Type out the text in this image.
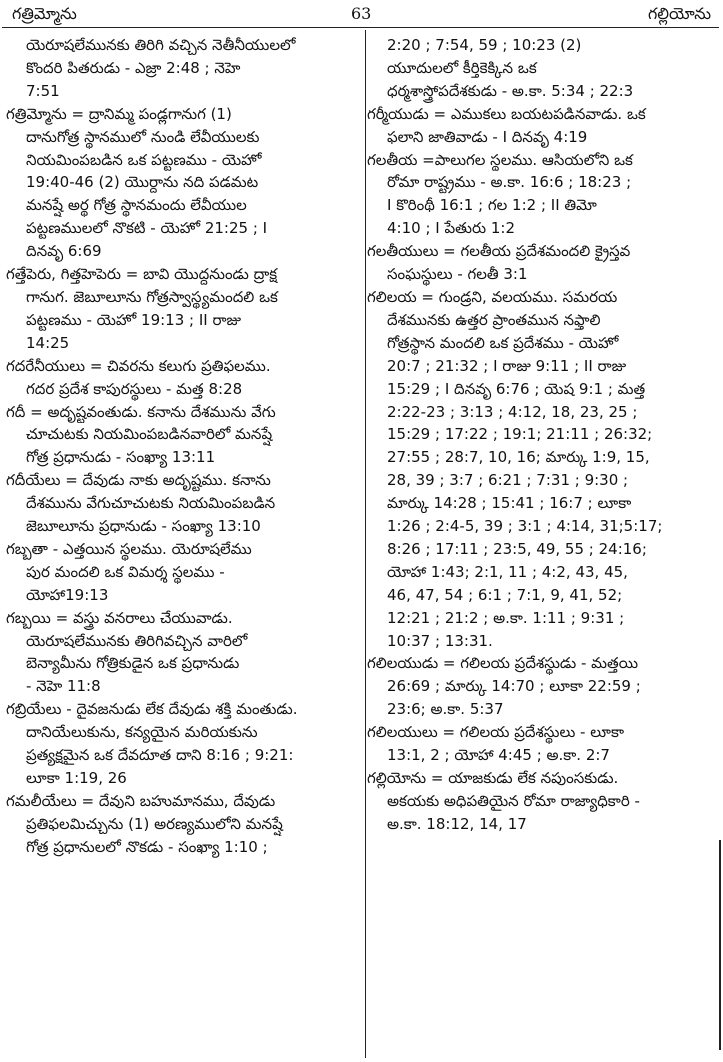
గత్రిమ్మోను	63	గల్లియోను
యెరూషలేమునకు తిరిగి వచ్చిన నెతీనీయులలో
కొందరి పితరుడు - ఎజ్రా 2:48 ; నెహె
7:51
గత్రిమ్మోను = ద్రానిమ్మ పండ్లగానుగ (1)
దానుగోత్ర స్థానములో నుండి లేవీయులకు
నియమింపబడిన ఒక పట్టణము - యెహో
19:40-46 (2) యొర్దాను నది పడమట
మనష్షే అర్థ గోత్ర స్థానమందు లేవీయుల
పట్టణములలో నొకటి - యెహో 21:25 ; I
దినవృ 6:69
గత్తేపెరు, గిత్తహెపెరు = బావి యొద్దనుండు ద్రాక్ష
గానుగ. జెబూలూను గోత్రస్వాస్థ్యమందలి ఒక
పట్టణము - యెహో 19:13 ; II రాజు
14:25
గదరేనీయులు = చివరను కలుగు ప్రతిఫలము.
గదర ప్రదేశ కాపురస్థులు - మత్త 8:28
గదీ = అదృష్టవంతుడు. కనాను దేశమును వేగు
చూచుటకు నియమింపబడినవారిలో మనష్షే
గోత్ర ప్రధానుడు - సంఖ్యా 13:11
గదీయేలు = దేవుడు నాకు అదృష్టము. కనాను
దేశమును వేగుచూచుటకు నియమింపబడిన
జెబూలూను ప్రధానుడు - సంఖ్యా 13:10
గబ్బతా - ఎత్తయిన స్థలము. యెరూషలేము
పుర మందలి ఒక విమర్శ స్థలము -
యోహా19:13
గబ్బయి = వస్త్రు వనరాలు చేయువాడు.
యెరూషలేమునకు తిరిగివచ్చిన వారిలో
బెన్యామీను గోత్రికుడైన ఒక ప్రధానుడు
- నెహె 11:8
గబ్రియేలు - దైవజనుడు లేక దేవుడు శక్తి మంతుడు.
దానియేలుకును, కన్యయైన మరియకును
ప్రత్యక్షమైన ఒక దేవదూత దాని 8:16 ; 9:21:
లూకా 1:19, 26
గమలీయేలు = దేవుని బహుమానము, దేవుడు
ప్రతిఫలమిచ్చును (1) అరణ్యములోని మనష్షే
గోత్ర ప్రధానులలో నొకడు - సంఖ్యా 1:10 ;
2:20 ; 7:54, 59 ; 10:23 (2)
యూదులలో కీర్తికెక్కిన ఒక
ధర్మశాస్త్రోపదేశకుడు - అ.కా. 5:34 ; 22:3
గర్మీయుడు = ఎముకలు బయటపడినవాడు. ఒక
ఫలాని జాతివాడు - I దినవృ 4:19
గలతీయ =పాలుగల స్థలము. ఆసియలోని ఒక
రోమా రాష్ట్రము - అ.కా. 16:6 ; 18:23 ;
I కొరింథీ 16:1 ; గల 1:2 ; II తిమో
4:10 ; I పేతురు 1:2
గలతీయులు = గలతీయ ప్రదేశమందలి క్రైస్తవ
సంఘస్థులు - గలతీ 3:1
గలిలయ = గుండ్రని, వలయము. సమరయ
దేశమునకు ఉత్తర ప్రాంతమున నఫ్తాలి
గోత్రస్థాన మందలి ఒక ప్రదేశము - యెహో
20:7 ; 21:32 ; I రాజు 9:11 ; II రాజు
15:29 ; I దినవృ 6:76 ; యెష 9:1 ; మత్త
2:22-23 ; 3:13 ; 4:12, 18, 23, 25 ;
15:29 ; 17:22 ; 19:1; 21:11 ; 26:32;
27:55 ; 28:7, 10, 16; మార్కు 1:9, 15,
28, 39 ; 3:7 ; 6:21 ; 7:31 ; 9:30 ;
మార్కు 14:28 ; 15:41 ; 16:7 ; లూకా
1:26 ; 2:4-5, 39 ; 3:1 ; 4:14, 31;5:17;
8:26 ; 17:11 ; 23:5, 49, 55 ; 24:16;
యోహా 1:43; 2:1, 11 ; 4:2, 43, 45,
46, 47, 54 ; 6:1 ; 7:1, 9, 41, 52;
12:21 ; 21:2 ; అ.కా. 1:11 ; 9:31 ;
10:37 ; 13:31.
గలిలయుడు = గలిలయ ప్రదేశస్థుడు - మత్తయి
26:69 ; మార్కు 14:70 ; లూకా 22:59 ;
23:6; అ.కా. 5:37
గలిలయులు = గలిలయ ప్రదేశస్థులు - లూకా
13:1, 2 ; యోహా 4:45 ; అ.కా. 2:7
గల్లియోను = యాజకుడు లేక నపుంసకుడు.
అకయకు అధిపతియైన రోమా రాజ్యాధికారి -
అ.కా. 18:12, 14, 17
